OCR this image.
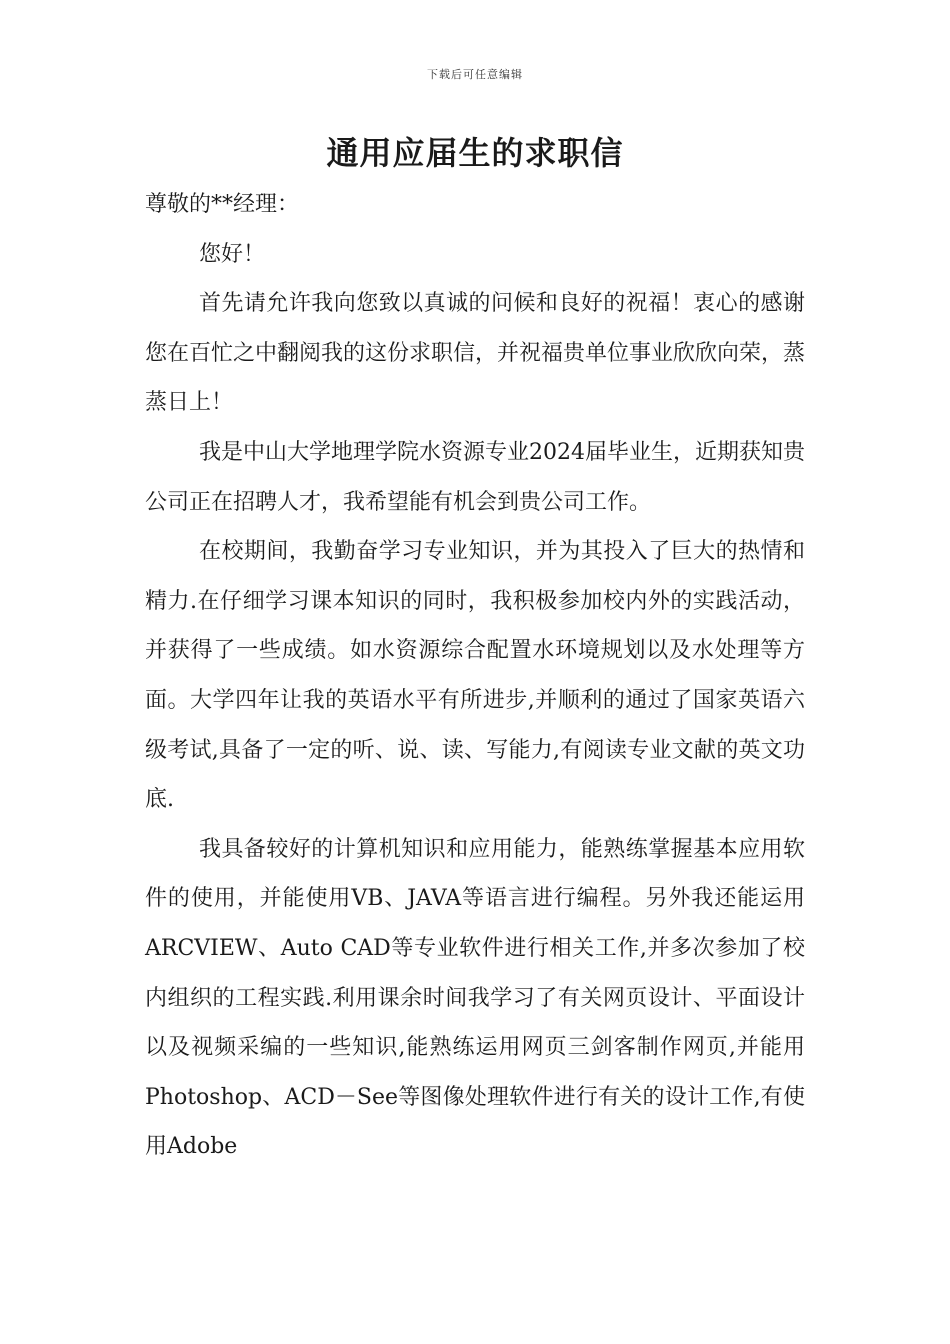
下载后可任意编辑

通用应届生的求职信

尊敬的**经理：

您好！

首先请允许我向您致以真诚的问候和良好的祝福！衷心的感谢您在百忙之中翻阅我的这份求职信，并祝福贵单位事业欣欣向荣，蒸蒸日上！

我是中山大学地理学院水资源专业2024届毕业生，近期获知贵公司正在招聘人才，我希望能有机会到贵公司工作。

在校期间，我勤奋学习专业知识，并为其投入了巨大的热情和精力.在仔细学习课本知识的同时，我积极参加校内外的实践活动，并获得了一些成绩。如水资源综合配置水环境规划以及水处理等方面。大学四年让我的英语水平有所进步,并顺利的通过了国家英语六级考试,具备了一定的听、说、读、写能力,有阅读专业文献的英文功底.

我具备较好的计算机知识和应用能力，能熟练掌握基本应用软件的使用，并能使用VB、JAVA等语言进行编程。另外我还能运用ARCVIEW、Auto CAD等专业软件进行相关工作,并多次参加了校内组织的工程实践.利用课余时间我学习了有关网页设计、平面设计以及视频采编的一些知识,能熟练运用网页三剑客制作网页,并能用Photoshop、ACD－See等图像处理软件进行有关的设计工作,有使用Adobe
